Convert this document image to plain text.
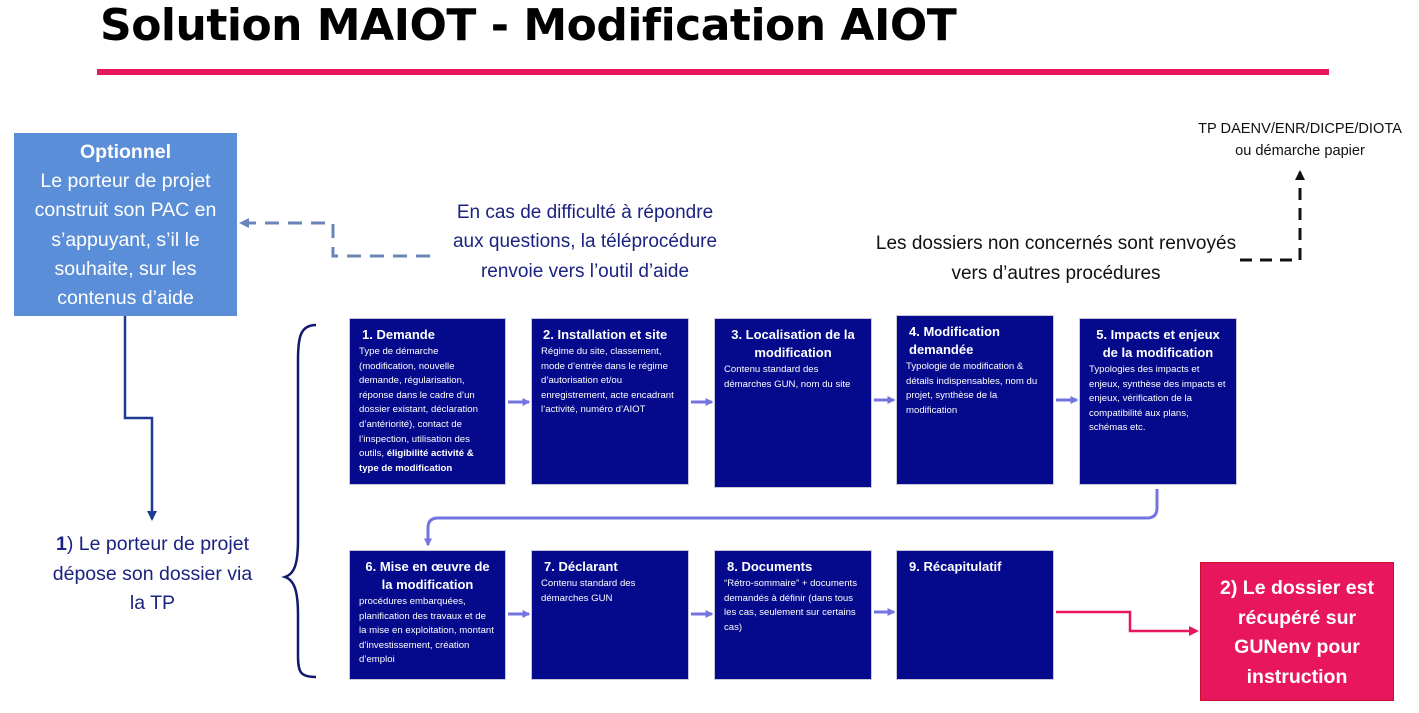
Solution MAIOT - Modification AIOT
Optionnel
Le porteur de projet construit son PAC en s’appuyant, s’il le souhaite, sur les contenus d’aide
En cas de difficulté à répondre aux questions, la téléprocédure renvoie vers l’outil d’aide
Les dossiers non concernés sont renvoyés vers d’autres procédures
TP DAENV/ENR/DICPE/DIOTA
ou démarche papier
1) Le porteur de projet dépose son dossier via la TP
1. Demande
Type de démarche (modification, nouvelle demande, régularisation, réponse dans le cadre d’un dossier existant, déclaration d’antériorité), contact de l’inspection, utilisation des outils, éligibilité activité & type de modification
2. Installation et site
Régime du site, classement, mode d’entrée dans le régime d’autorisation et/ou enregistrement, acte encadrant l’activité, numéro d’AIOT
3. Localisation de la modification
Contenu standard des démarches GUN, nom du site
4. Modification demandée
Typologie de modification & détails indispensables, nom du projet, synthèse de la modification
5. Impacts et enjeux de la modification
Typologies des impacts et enjeux, synthèse des impacts et enjeux, vérification de la compatibilité aux plans, schémas etc.
6. Mise en œuvre de la modification
procédures embarquées, planification des travaux et de la mise en exploitation, montant d’investissement, création d’emploi
7. Déclarant
Contenu standard des démarches GUN
8. Documents
“Rétro-sommaire” + documents demandés à définir (dans tous les cas, seulement sur certains cas)
9. Récapitulatif
2) Le dossier est récupéré sur GUNenv pour instruction
